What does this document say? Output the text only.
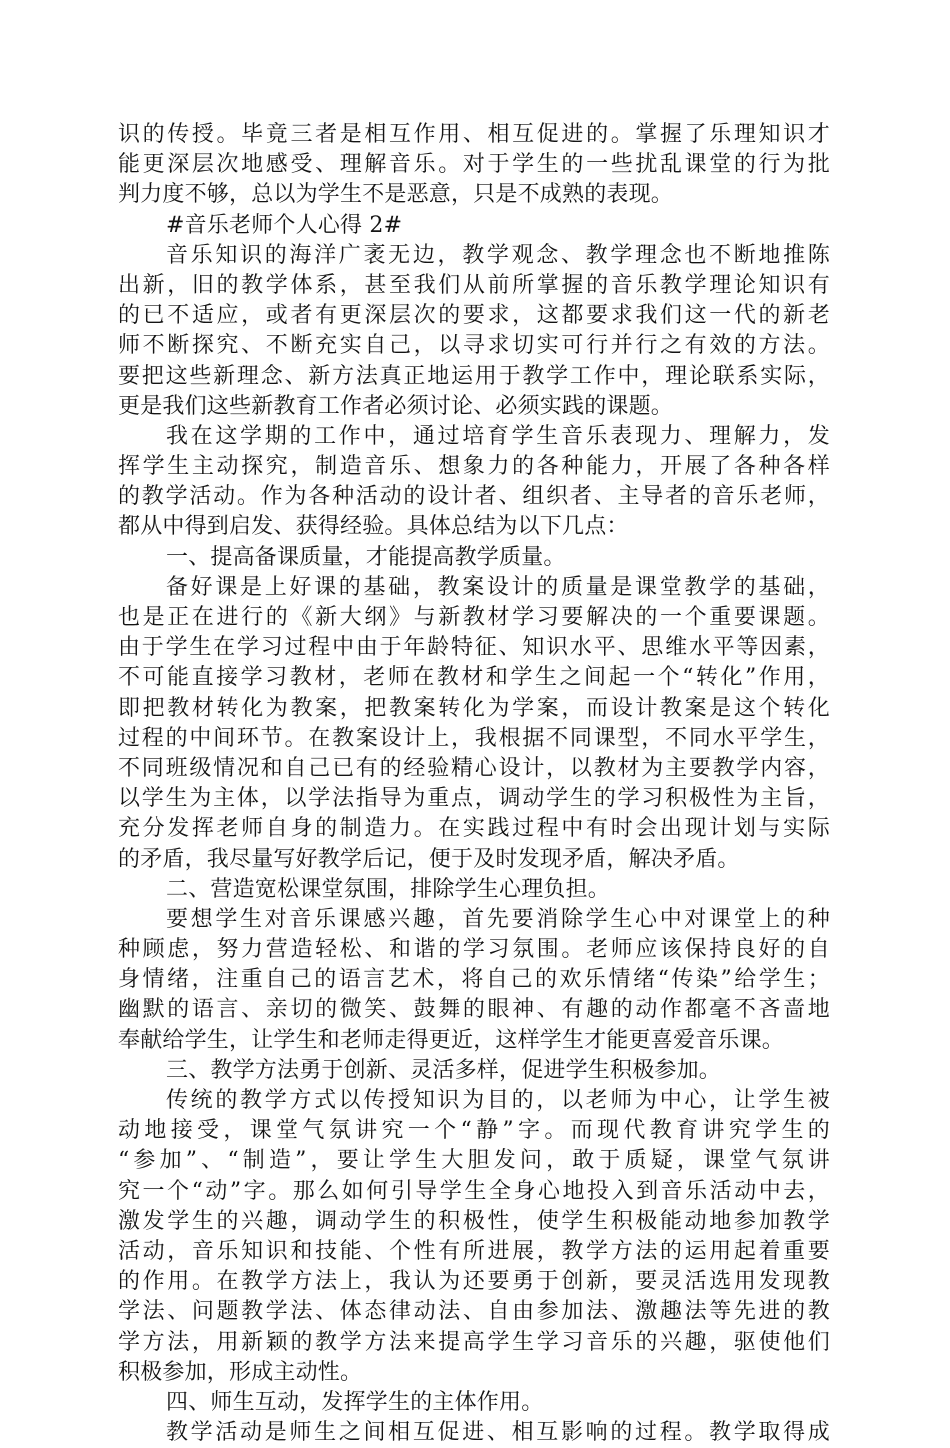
识的传授。毕竟三者是相互作用、相互促进的。掌握了乐理知识才
能更深层次地感受、理解音乐。对于学生的一些扰乱课堂的行为批
判力度不够，总以为学生不是恶意，只是不成熟的表现。
#音乐老师个人心得 2#
音乐知识的海洋广袤无边，教学观念、教学理念也不断地推陈
出新，旧的教学体系，甚至我们从前所掌握的音乐教学理论知识有
的已不适应，或者有更深层次的要求，这都要求我们这一代的新老
师不断探究、不断充实自己，以寻求切实可行并行之有效的方法。
要把这些新理念、新方法真正地运用于教学工作中，理论联系实际，
更是我们这些新教育工作者必须讨论、必须实践的课题。
我在这学期的工作中，通过培育学生音乐表现力、理解力，发
挥学生主动探究，制造音乐、想象力的各种能力，开展了各种各样
的教学活动。作为各种活动的设计者、组织者、主导者的音乐老师，
都从中得到启发、获得经验。具体总结为以下几点：
一、提高备课质量，才能提高教学质量。
备好课是上好课的基础，教案设计的质量是课堂教学的基础，
也是正在进行的《新大纲》与新教材学习要解决的一个重要课题。
由于学生在学习过程中由于年龄特征、知识水平、思维水平等因素，
不可能直接学习教材，老师在教材和学生之间起一个“转化”作用，
即把教材转化为教案，把教案转化为学案，而设计教案是这个转化
过程的中间环节。在教案设计上，我根据不同课型，不同水平学生，
不同班级情况和自己已有的经验精心设计，以教材为主要教学内容，
以学生为主体，以学法指导为重点，调动学生的学习积极性为主旨，
充分发挥老师自身的制造力。在实践过程中有时会出现计划与实际
的矛盾，我尽量写好教学后记，便于及时发现矛盾，解决矛盾。
二、营造宽松课堂氛围，排除学生心理负担。
要想学生对音乐课感兴趣，首先要消除学生心中对课堂上的种
种顾虑，努力营造轻松、和谐的学习氛围。老师应该保持良好的自
身情绪，注重自己的语言艺术，将自己的欢乐情绪“传染”给学生；
幽默的语言、亲切的微笑、鼓舞的眼神、有趣的动作都毫不吝啬地
奉献给学生，让学生和老师走得更近，这样学生才能更喜爱音乐课。
三、教学方法勇于创新、灵活多样，促进学生积极参加。
传统的教学方式以传授知识为目的，以老师为中心，让学生被
动地接受，课堂气氛讲究一个“静”字。而现代教育讲究学生的
“参加”、“制造”，要让学生大胆发问，敢于质疑，课堂气氛讲
究一个“动”字。那么如何引导学生全身心地投入到音乐活动中去，
激发学生的兴趣，调动学生的积极性，使学生积极能动地参加教学
活动，音乐知识和技能、个性有所进展，教学方法的运用起着重要
的作用。在教学方法上，我认为还要勇于创新，要灵活选用发现教
学法、问题教学法、体态律动法、自由参加法、激趣法等先进的教
学方法，用新颖的教学方法来提高学生学习音乐的兴趣，驱使他们
积极参加，形成主动性。
四、师生互动，发挥学生的主体作用。
教学活动是师生之间相互促进、相互影响的过程。教学取得成
